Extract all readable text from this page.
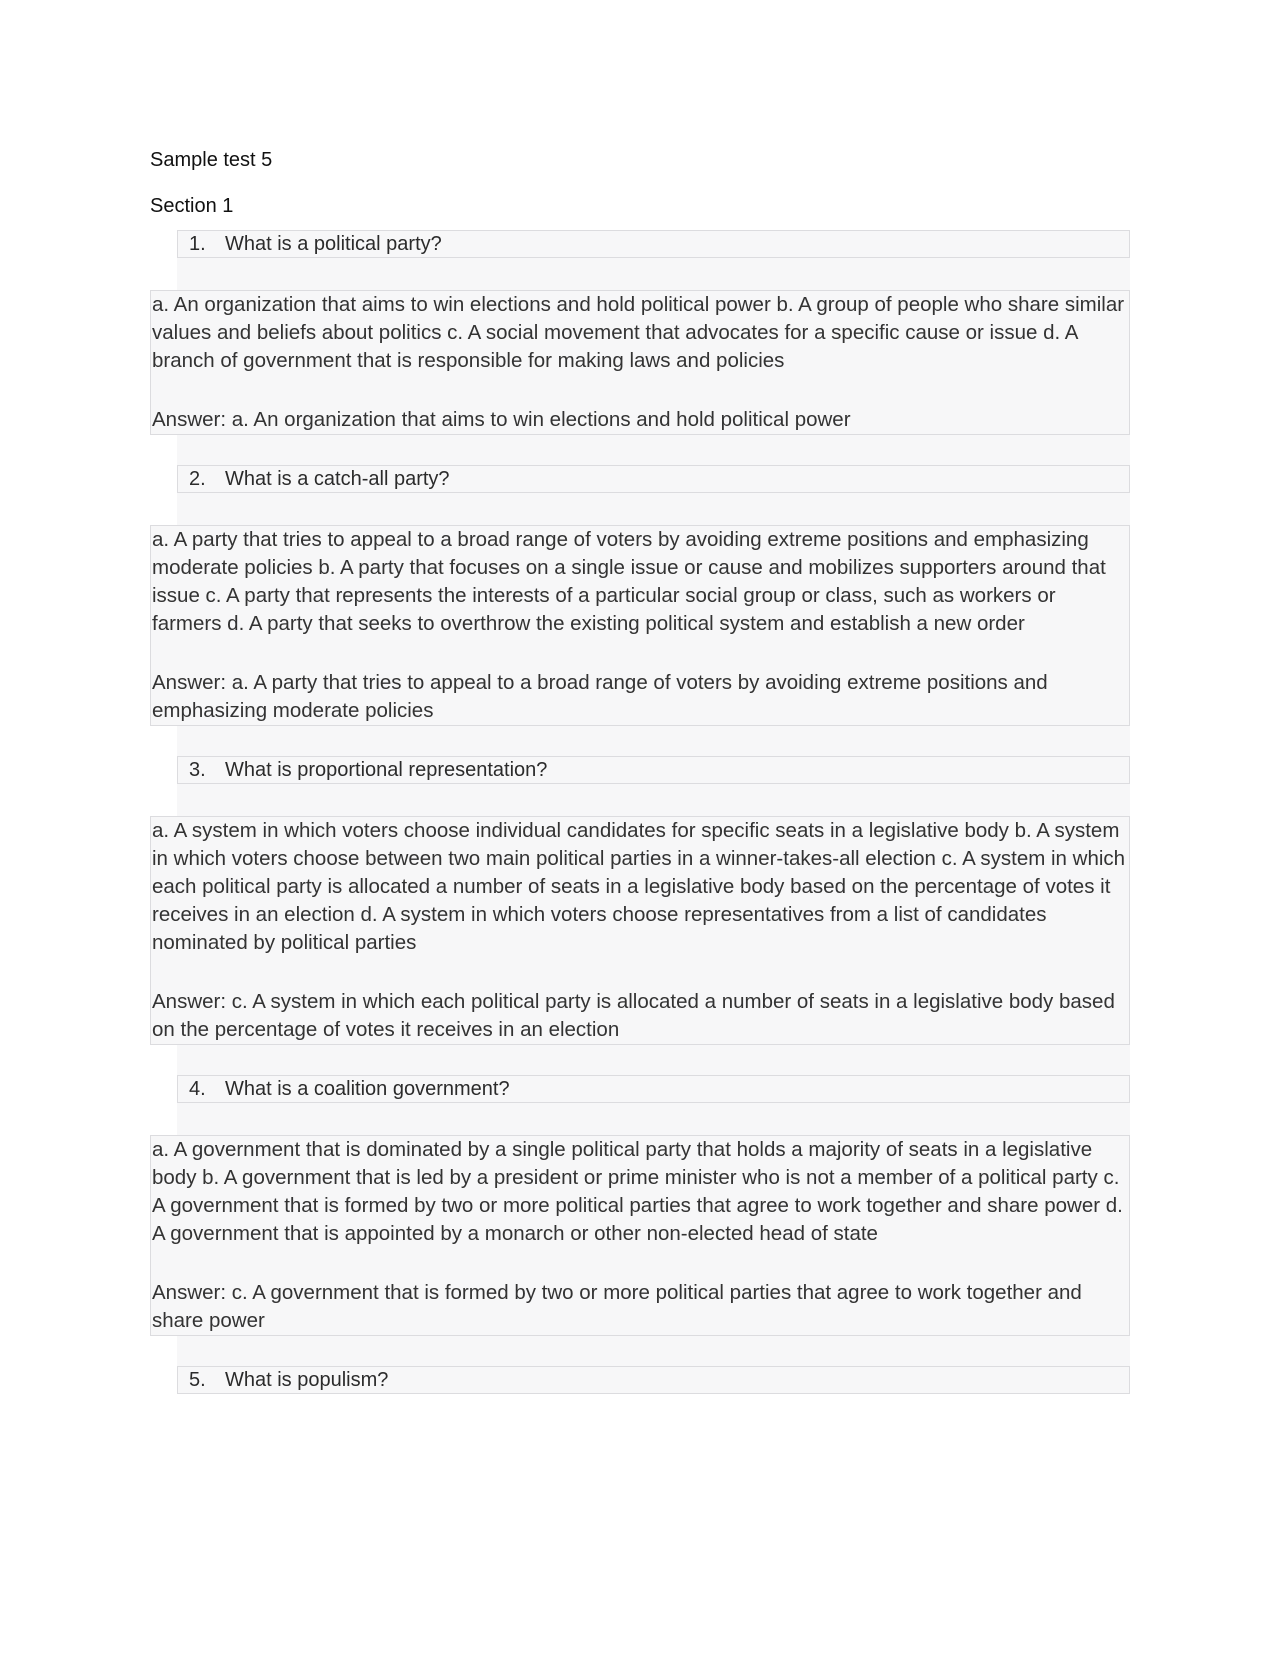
Sample test 5
Section 1
1. What is a political party?

a. An organization that aims to win elections and hold political power b. A group of people who share similar values and beliefs about politics c. A social movement that advocates for a specific cause or issue d. A branch of government that is responsible for making laws and policies

Answer: a. An organization that aims to win elections and hold political power

2. What is a catch-all party?

a. A party that tries to appeal to a broad range of voters by avoiding extreme positions and emphasizing moderate policies b. A party that focuses on a single issue or cause and mobilizes supporters around that issue c. A party that represents the interests of a particular social group or class, such as workers or farmers d. A party that seeks to overthrow the existing political system and establish a new order

Answer: a. A party that tries to appeal to a broad range of voters by avoiding extreme positions and emphasizing moderate policies

3. What is proportional representation?

a. A system in which voters choose individual candidates for specific seats in a legislative body b. A system in which voters choose between two main political parties in a winner-takes-all election c. A system in which each political party is allocated a number of seats in a legislative body based on the percentage of votes it receives in an election d. A system in which voters choose representatives from a list of candidates nominated by political parties

Answer: c. A system in which each political party is allocated a number of seats in a legislative body based on the percentage of votes it receives in an election

4. What is a coalition government?

a. A government that is dominated by a single political party that holds a majority of seats in a legislative body b. A government that is led by a president or prime minister who is not a member of a political party c. A government that is formed by two or more political parties that agree to work together and share power d. A government that is appointed by a monarch or other non-elected head of state

Answer: c. A government that is formed by two or more political parties that agree to work together and share power

5. What is populism?
